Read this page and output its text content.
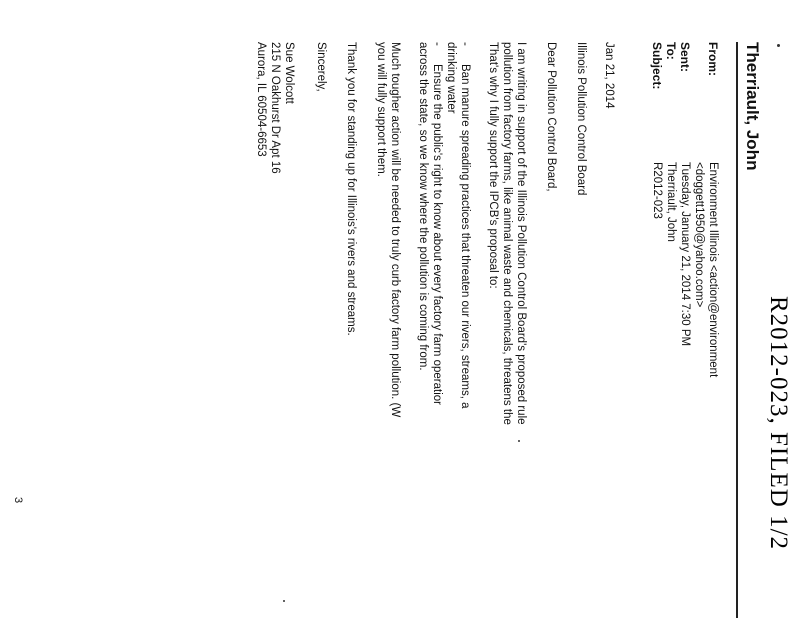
R2012-023, FILED 1/2
Therriault, John
From:
Environment Illinois <action@environment
<doggett1950@yahoo.com>
Sent:
Tuesday, January 21, 2014 7:30 PM
To:
Therriault, John
Subject:
R2012-023
Jan 21, 2014
Illinois Pollution Control Board
Dear Pollution Control Board,
I am writing in support of the Illinois Pollution Control Board's proposed rule
pollution from factory farms, like animal waste and chemicals, threatens the
That's why I fully support the IPCB's proposal to:
-
Ban manure spreading practices that threaten our rivers, streams, a
drinking water
-
Ensure the public's right to know about every factory farm operatior
across the state, so we know where the pollution is coming from.
Much tougher action will be needed to truly curb factory farm pollution. (W
you will fully support them.
Thank you for standing up for Illinois's rivers and streams.
Sincerely,
Sue Wolcott
215 N Oakhurst Dr Apt 16
Aurora, IL 60504-6653
3
